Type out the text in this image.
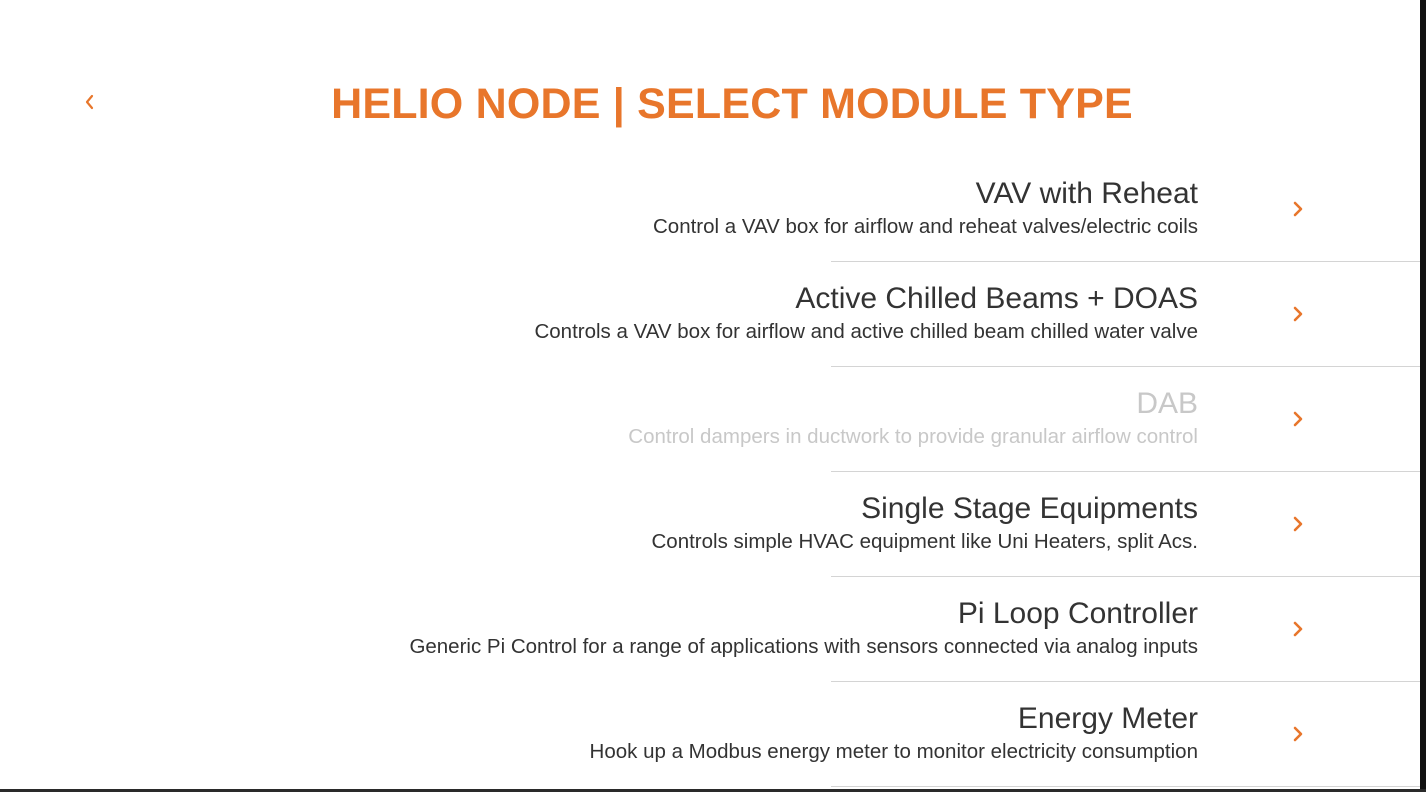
HELIO NODE | SELECT MODULE TYPE
VAV with Reheat
Control a VAV box for airflow and reheat valves/electric coils
Active Chilled Beams + DOAS
Controls a VAV box for airflow and active chilled beam chilled water valve
DAB
Control dampers in ductwork to provide granular airflow control
Single Stage Equipments
Controls simple HVAC equipment like Uni Heaters, split Acs.
Pi Loop Controller
Generic Pi Control for a range of applications with sensors connected via analog inputs
Energy Meter
Hook up a Modbus energy meter to monitor electricity consumption
